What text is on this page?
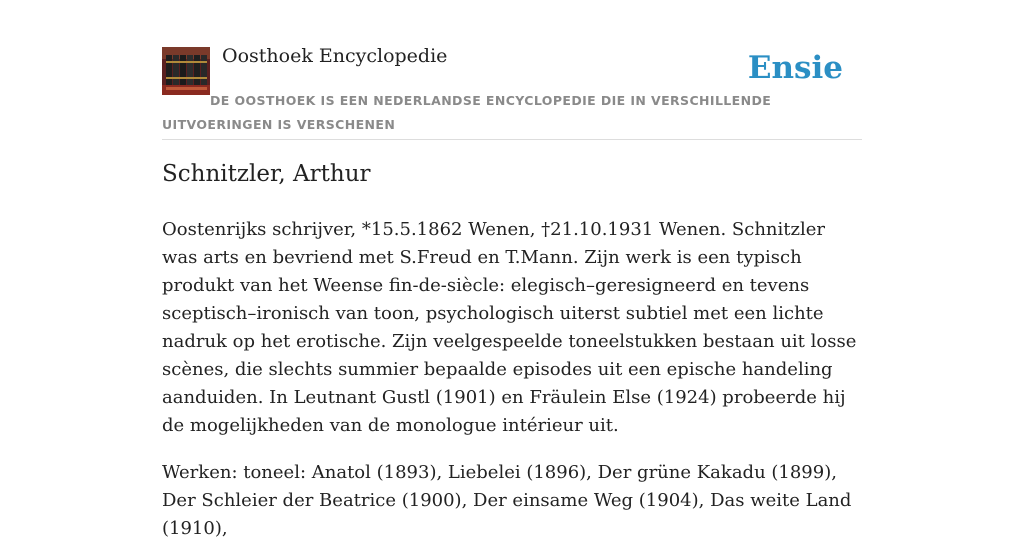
Oosthoek Encyclopedie	Ensie
DE OOSTHOEK IS EEN NEDERLANDSE ENCYCLOPEDIE DIE IN VERSCHILLENDE UITVOERINGEN IS VERSCHENEN
Schnitzler, Arthur

Oostenrijks schrijver, *15.5.1862 Wenen, †21.10.1931 Wenen. Schnitzler was arts en bevriend met S.Freud en T.Mann. Zijn werk is een typisch produkt van het Weense fin-de-siècle: elegisch–geresigneerd en tevens sceptisch–ironisch van toon, psychologisch uiterst subtiel met een lichte nadruk op het erotische. Zijn veelgespeelde toneelstukken bestaan uit losse scènes, die slechts summier bepaalde episodes uit een epische handeling aanduiden. In Leutnant Gustl (1901) en Fräulein Else (1924) probeerde hij de mogelijkheden van de monologue intérieur uit.

Werken: toneel: Anatol (1893), Liebelei (1896), Der grüne Kakadu (1899), Der Schleier der Beatrice (1900), Der einsame Weg (1904), Das weite Land (1910),
